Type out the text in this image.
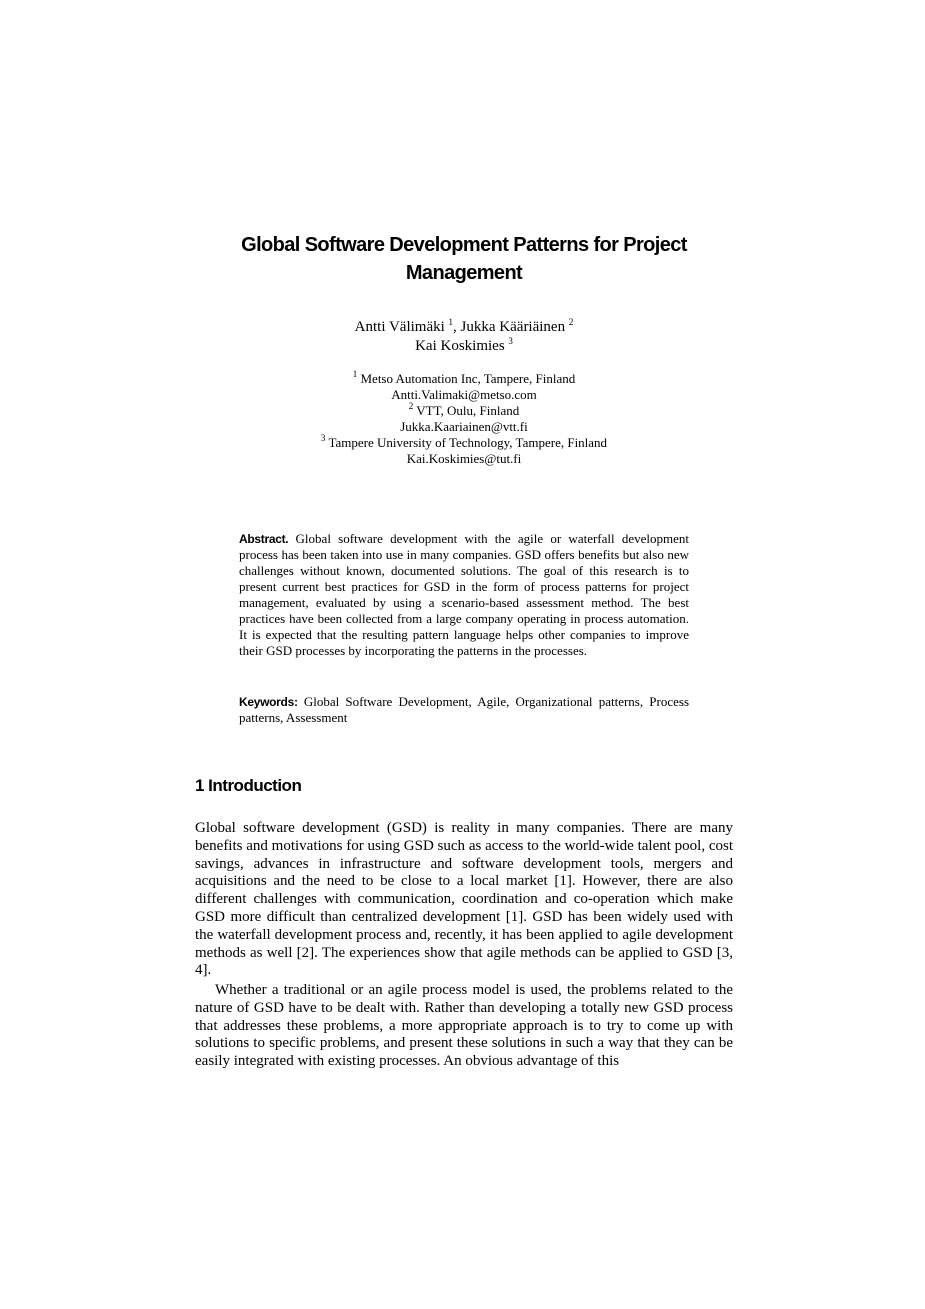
Global Software Development Patterns for Project
Management
Antti Välimäki $^1$, Jukka Kääriäinen $^2$
Kai Koskimies $^3$
$^1$ Metso Automation Inc, Tampere, Finland
Antti.Valimaki@metso.com
$^2$ VTT, Oulu, Finland
Jukka.Kaariainen@vtt.fi
$^3$ Tampere University of Technology, Tampere, Finland
Kai.Koskimies@tut.fi

Abstract. Global software development with the agile or waterfall development process has been taken into use in many companies. GSD offers benefits but also new challenges without known, documented solutions. The goal of this research is to present current best practices for GSD in the form of process patterns for project management, evaluated by using a scenario-based assessment method. The best practices have been collected from a large company operating in process automation. It is expected that the resulting pattern language helps other companies to improve their GSD processes by incorporating the patterns in the processes.

Keywords: Global Software Development, Agile, Organizational patterns, Process patterns, Assessment

1 Introduction

Global software development (GSD) is reality in many companies. There are many benefits and motivations for using GSD such as access to the world-wide talent pool, cost savings, advances in infrastructure and software development tools, mergers and acquisitions and the need to be close to a local market [1]. However, there are also different challenges with communication, coordination and co-operation which make GSD more difficult than centralized development [1]. GSD has been widely used with the waterfall development process and, recently, it has been applied to agile development methods as well [2]. The experiences show that agile methods can be applied to GSD [3, 4].

Whether a traditional or an agile process model is used, the problems related to the nature of GSD have to be dealt with. Rather than developing a totally new GSD process that addresses these problems, a more appropriate approach is to try to come up with solutions to specific problems, and present these solutions in such a way that they can be easily integrated with existing processes. An obvious advantage of this
